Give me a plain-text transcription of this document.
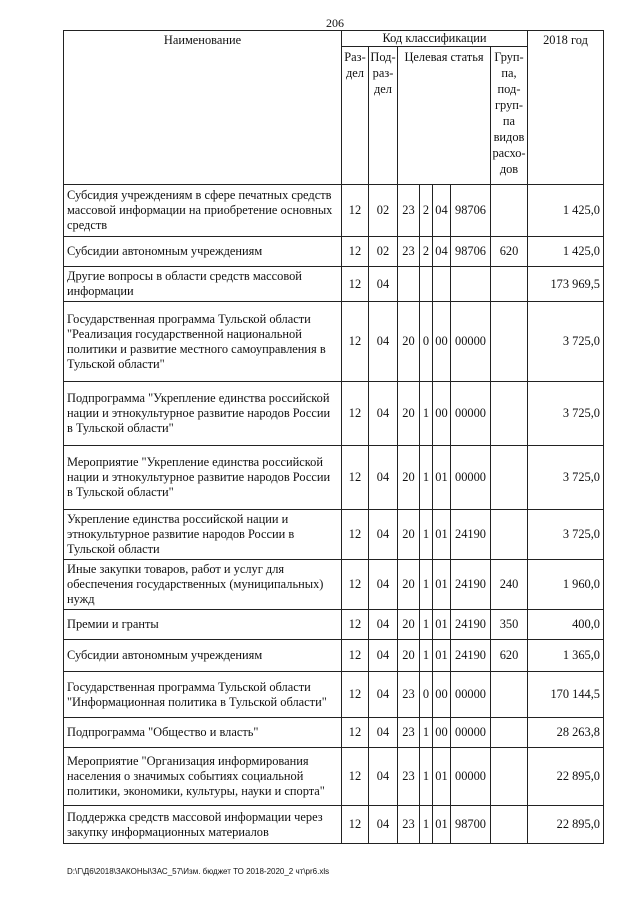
206
Наименование	Код классификации							2018 год
	Раз-дел	Под-раз-дел	Целевая статья				Груп-па, под-груп-па видов расхо-дов	
Субсидия учреждениям в сфере печатных средств массовой информации на приобретение основных средств	12	02	23	2	04	98706		1 425,0
Субсидии автономным учреждениям	12	02	23	2	04	98706	620	1 425,0
Другие вопросы в области средств массовой информации	12	04						173 969,5
Государственная программа Тульской области "Реализация государственной национальной политики и развитие местного самоуправления в Тульской области"	12	04	20	0	00	00000		3 725,0
Подпрограмма "Укрепление единства российской нации и этнокультурное развитие народов России в Тульской области"	12	04	20	1	00	00000		3 725,0
Мероприятие "Укрепление единства российской нации и этнокультурное развитие народов России в Тульской области"	12	04	20	1	01	00000		3 725,0
Укрепление единства российской нации и этнокультурное развитие народов России в Тульской области	12	04	20	1	01	24190		3 725,0
Иные закупки товаров, работ и услуг для обеспечения государственных (муниципальных) нужд	12	04	20	1	01	24190	240	1 960,0
Премии и гранты	12	04	20	1	01	24190	350	400,0
Субсидии автономным учреждениям	12	04	20	1	01	24190	620	1 365,0
Государственная программа Тульской области "Информационная политика в Тульской области"	12	04	23	0	00	00000		170 144,5
Подпрограмма "Общество и власть"	12	04	23	1	00	00000		28 263,8
Мероприятие "Организация информирования населения о значимых событиях социальной политики, экономики, культуры, науки и спорта"	12	04	23	1	01	00000		22 895,0
Поддержка средств массовой информации через закупку информационных материалов	12	04	23	1	01	98700		22 895,0
D:\Г\Д6\2018\ЗАКОНЫ\ЗАС_57\Изм. бюджет ТО 2018-2020_2 чт\pr6.xls
